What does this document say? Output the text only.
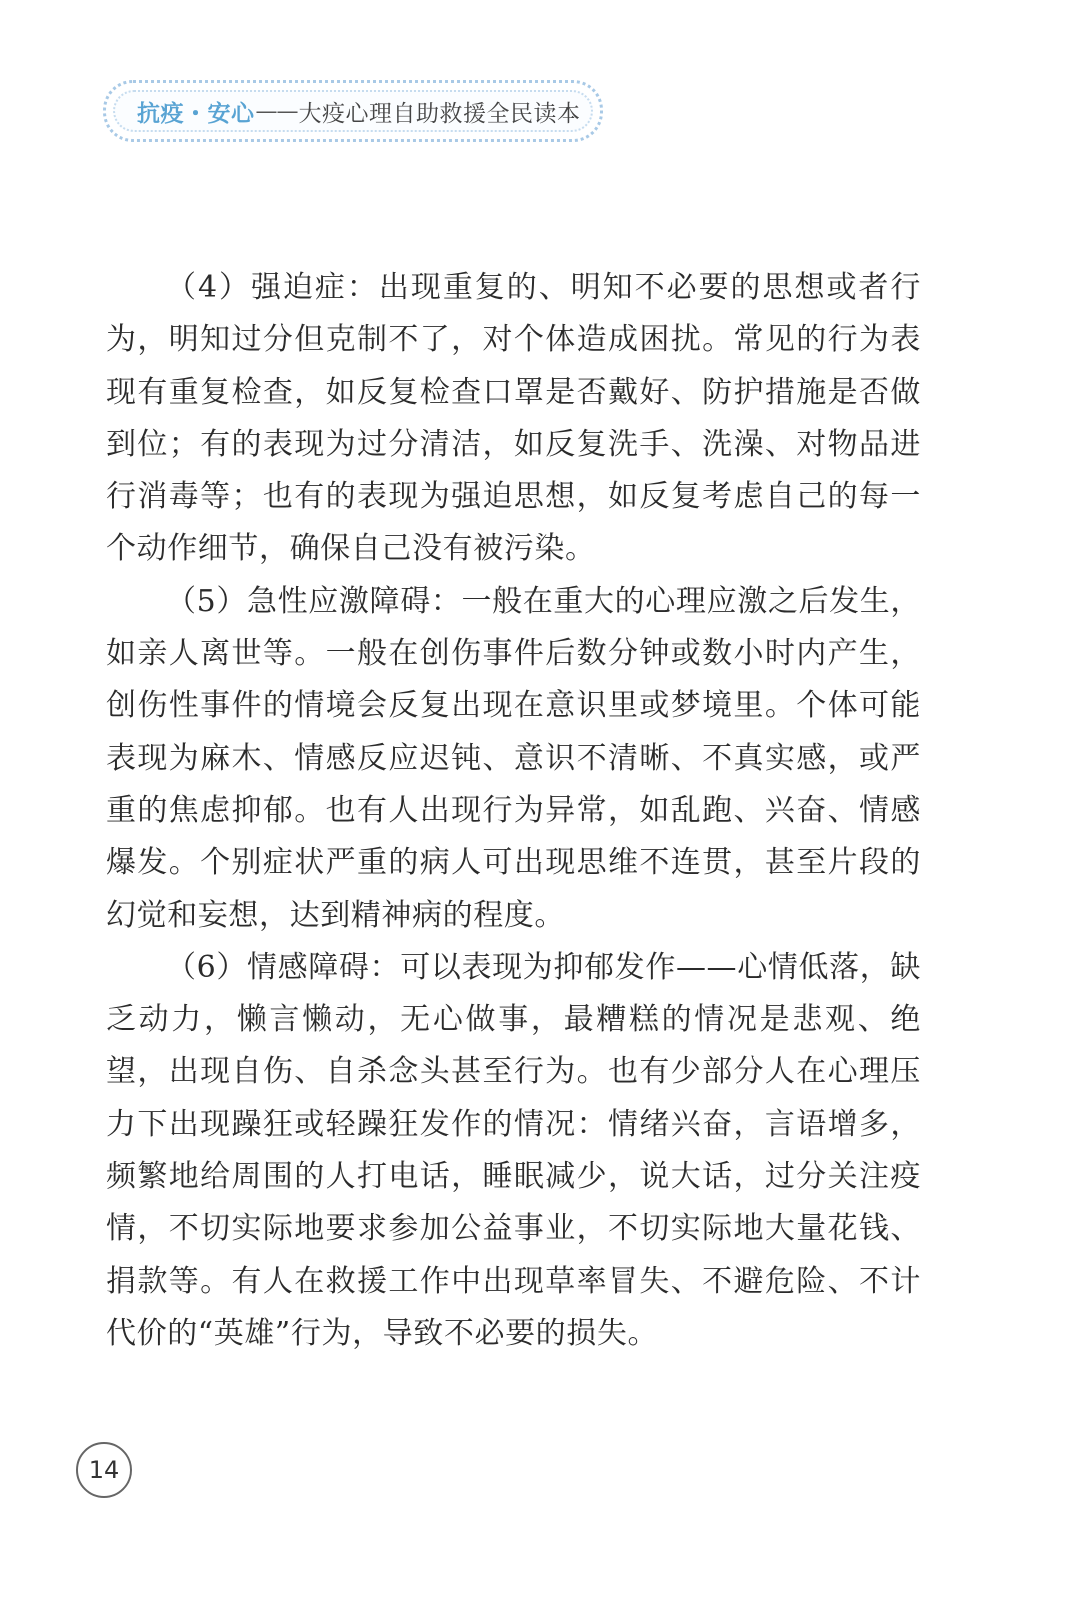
抗疫・安心 —— 大疫心理自助救援全民读本

（4）强迫症：出现重复的、明知不必要的思想或者行为，明知过分但克制不了，对个体造成困扰。常见的行为表现有重复检查，如反复检查口罩是否戴好、防护措施是否做到位；有的表现为过分清洁，如反复洗手、洗澡、对物品进行消毒等；也有的表现为强迫思想，如反复考虑自己的每一个动作细节，确保自己没有被污染。

（5）急性应激障碍：一般在重大的心理应激之后发生，如亲人离世等。一般在创伤事件后数分钟或数小时内产生，创伤性事件的情境会反复出现在意识里或梦境里。个体可能表现为麻木、情感反应迟钝、意识不清晰、不真实感，或严重的焦虑抑郁。也有人出现行为异常，如乱跑、兴奋、情感爆发。个别症状严重的病人可出现思维不连贯，甚至片段的幻觉和妄想，达到精神病的程度。

（6）情感障碍：可以表现为抑郁发作——心情低落，缺乏动力，懒言懒动，无心做事，最糟糕的情况是悲观、绝望，出现自伤、自杀念头甚至行为。也有少部分人在心理压力下出现躁狂或轻躁狂发作的情况：情绪兴奋，言语增多，频繁地给周围的人打电话，睡眠减少，说大话，过分关注疫情，不切实际地要求参加公益事业，不切实际地大量花钱、捐款等。有人在救援工作中出现草率冒失、不避危险、不计代价的“英雄”行为，导致不必要的损失。

14
